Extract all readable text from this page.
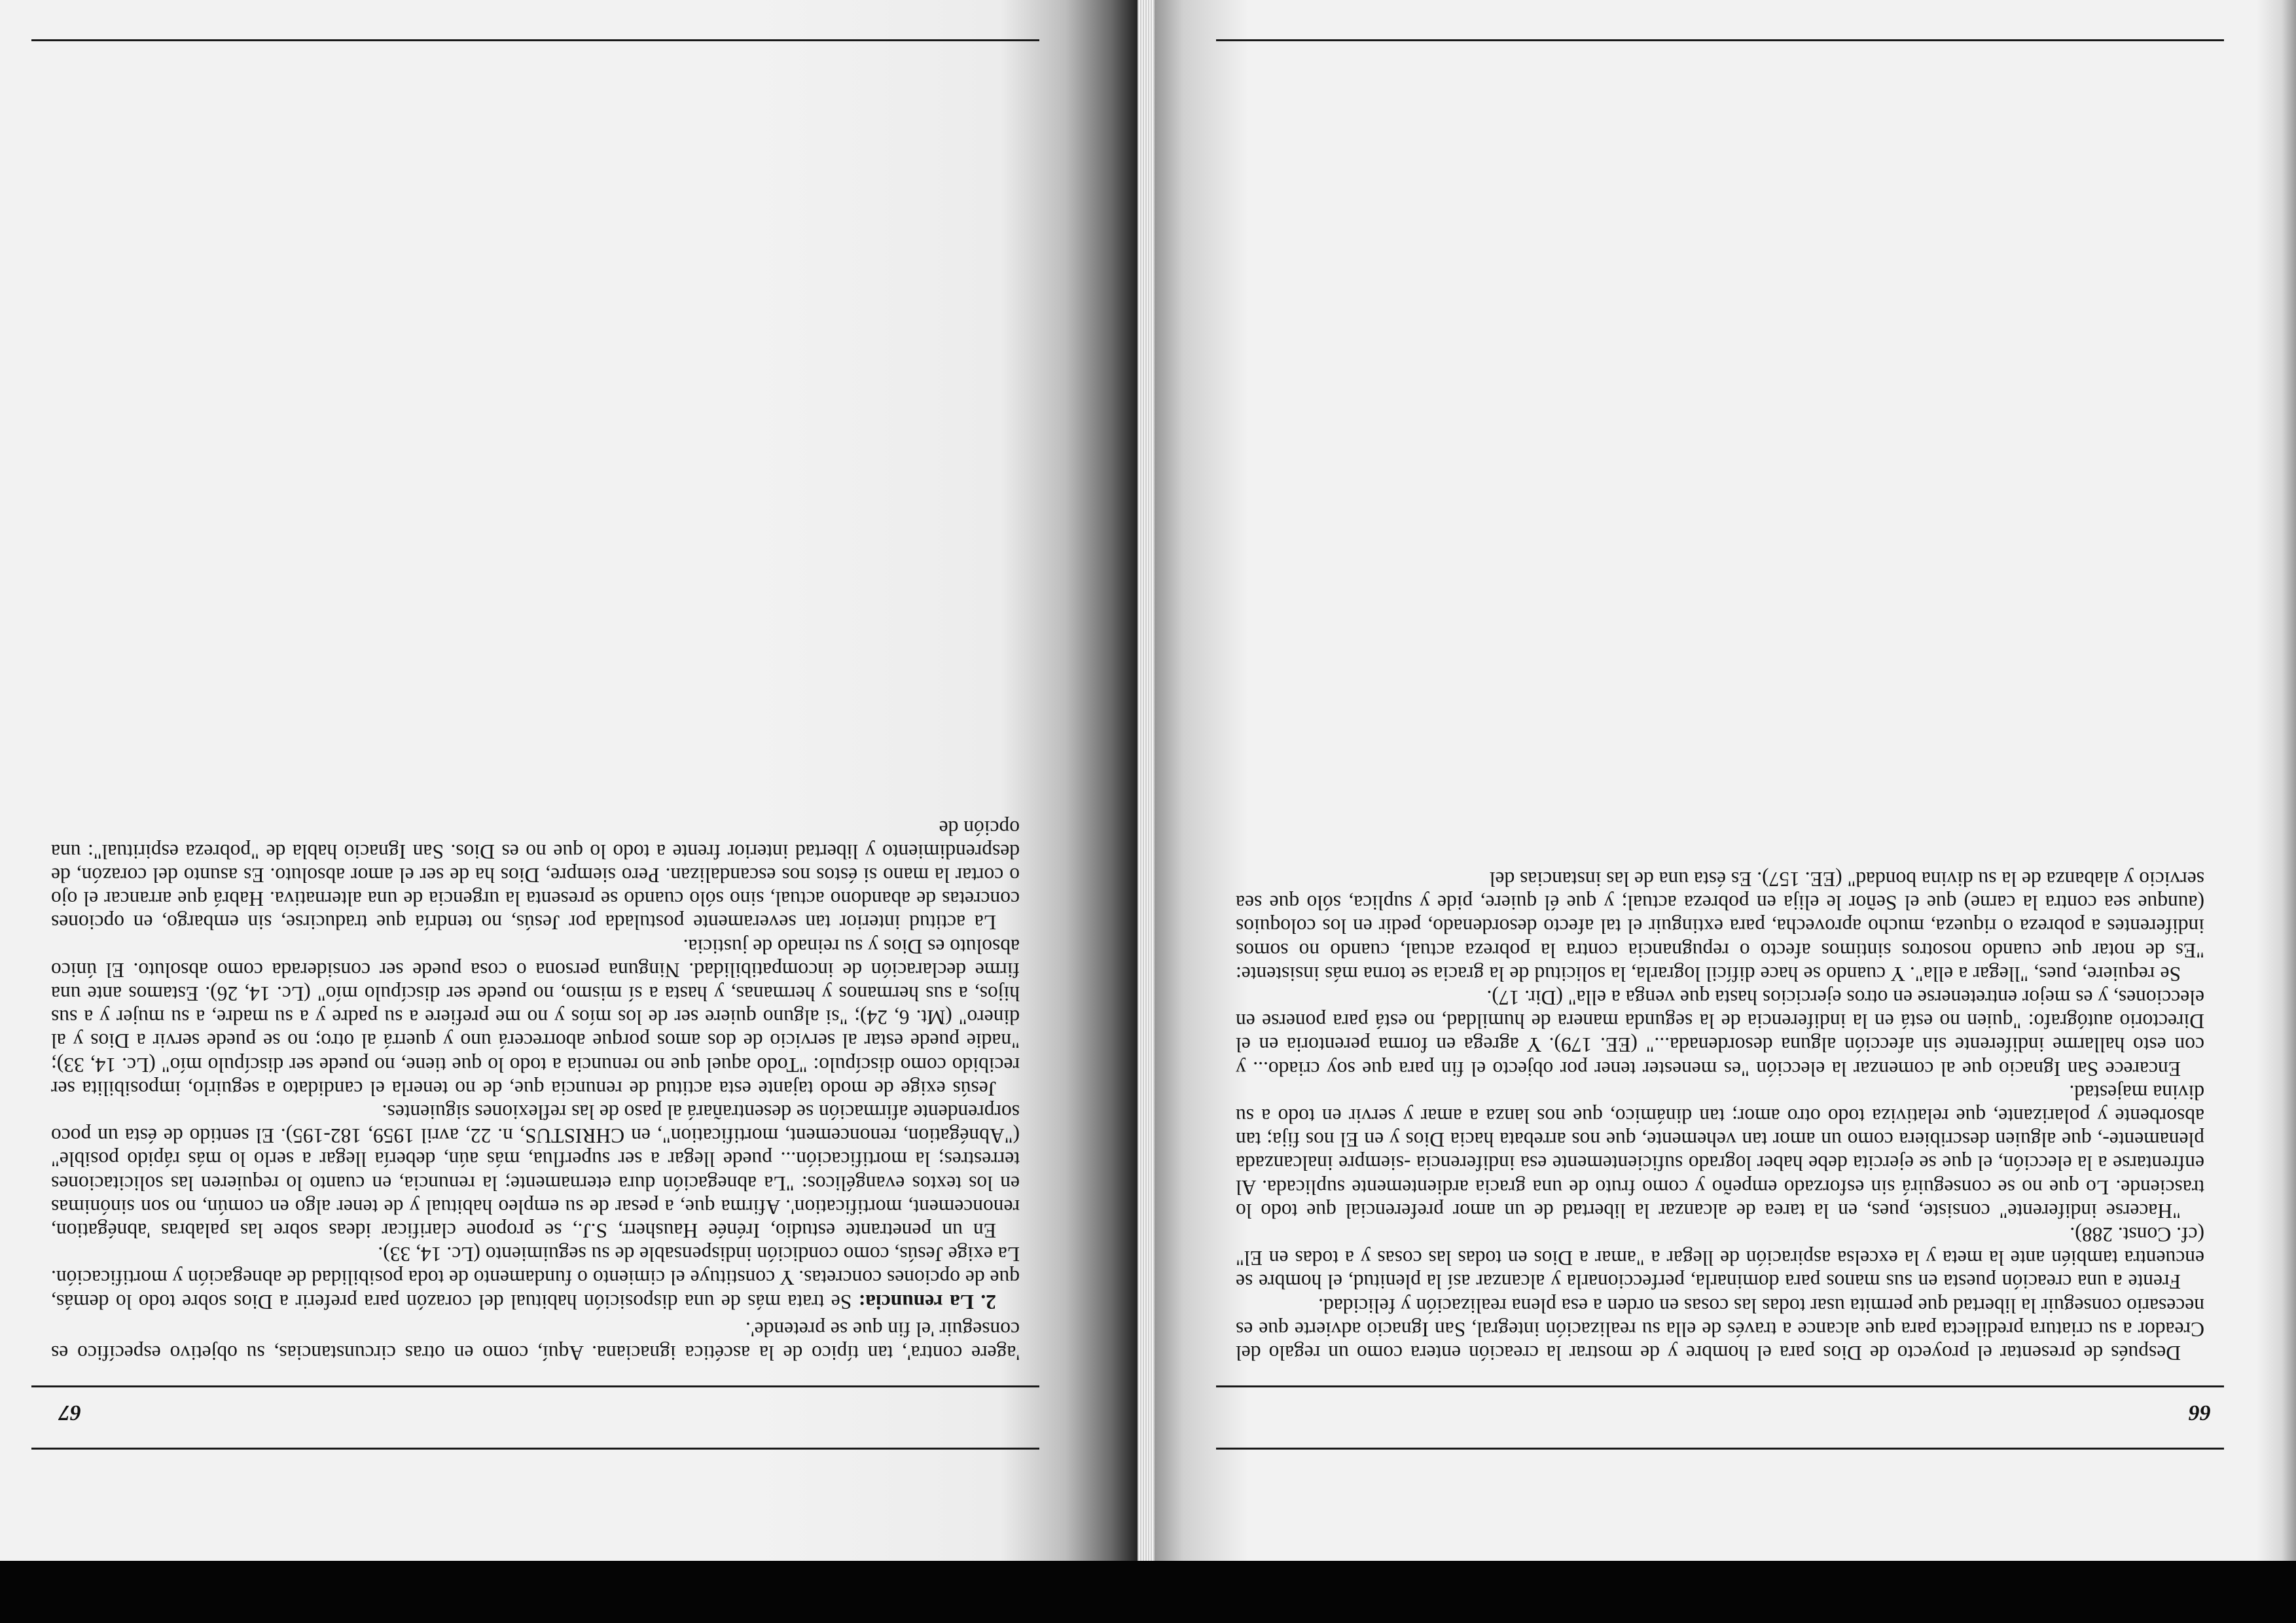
66

Después de presentar el proyecto de Dios para el hombre y de mostrar la creación entera como un regalo del Creador a su criatura predilecta para que alcance a través de ella su realización integral, San Ignacio advierte que es necesario conseguir la libertad que permita usar todas las cosas en orden a esa plena realización y felicidad.

Frente a una creación puesta en sus manos para dominarla, perfeccionarla y alcanzar así la plenitud, el hombre se encuentra también ante la meta y la excelsa aspiración de llegar a "amar a Dios en todas las cosas y a todas en El" (cf. Const. 288).

"Hacerse indiferente" consiste, pues, en la tarea de alcanzar la libertad de un amor preferencial que todo lo trasciende. Lo que no se conseguirá sin esforzado empeño y como fruto de una gracia ardientemente suplicada. Al enfrentarse a la elección, el que se ejercita debe haber logrado suficientemente esa indiferencia -siempre inalcanzada plenamente-, que alguien describiera como un amor tan vehemente, que nos arrebata hacia Dios y en El nos fija; tan absorbente y polarizante, que relativiza todo otro amor; tan dinámico, que nos lanza a amar y servir en todo a su divina majestad.

Encarece San Ignacio que al comenzar la elección "es menester tener por objecto el fin para que soy criado... y con esto hallarme indiferente sin afección alguna desordenada..." (EE. 179). Y agrega en forma perentoria en el Directorio autógrafo: "quien no está en la indiferencia de la segunda manera de humildad, no está para ponerse en elecciones, y es mejor entretenerse en otros ejercicios hasta que venga a ella" (Dir. 17).

Se requiere, pues, "llegar a ella". Y cuando se hace difícil lograrla, la solicitud de la gracia se torna más insistente: "Es de notar que cuando nosotros sintimos afecto o repugnancia contra la pobreza actual, cuando no somos indiferentes a pobreza o riqueza, mucho aprovecha, para extinguir el tal afecto desordenado, pedir en los coloquios (aunque sea contra la carne) que el Señor le elija en pobreza actual; y que él quiere, pide y suplica, sólo que sea servicio y alabanza de la su divina bondad" (EE. 157). Es ésta una de las instancias del

67

'agere contra', tan típico de la ascética ignaciana. Aquí, como en otras circunstancias, su objetivo específico es conseguir 'el fin que se pretende'.

2. La renuncia: Se trata más de una disposición habitual del corazón para preferir a Dios sobre todo lo demás, que de opciones concretas. Y constituye el cimiento o fundamento de toda posibilidad de abnegación y mortificación. La exige Jesús, como condición indispensable de su seguimiento (Lc. 14, 33).

En un penetrante estudio, Irénée Hausherr, S.J., se propone clarificar ideas sobre las palabras 'abnégation, renoncement, mortification'. Afirma que, a pesar de su empleo habitual y de tener algo en común, no son sinónimas en los textos evangélicos: "La abnegación dura eternamente; la renuncia, en cuanto lo requieren las solicitaciones terrestres; la mortificación... puede llegar a ser superflua, más aún, debería llegar a serlo lo más rápido posible" ("Abnégation, renoncement, mortification", en CHRISTUS, n. 22, avril 1959, 182-195). El sentido de ésta un poco sorprendente afirmación se desentrañará al paso de las reflexiones siguientes.

Jesús exige de modo tajante esta actitud de renuncia que, de no tenerla el candidato a seguirlo, imposibilita ser recibido como discípulo: "Todo aquel que no renuncia a todo lo que tiene, no puede ser discípulo mío" (Lc. 14, 33); "nadie puede estar al servicio de dos amos porque aborrecerá uno y querrá al otro; no se puede servir a Dios y al dinero" (Mt. 6, 24); "si alguno quiere ser de los míos y no me prefiere a su padre y a su madre, a su mujer y a sus hijos, a sus hermanos y hermanas, y hasta a sí mismo, no puede ser discípulo mío" (Lc. 14, 26). Estamos ante una firme declaración de incompatibilidad. Ninguna persona o cosa puede ser considerada como absoluto. El único absoluto es Dios y su reinado de justicia.

La actitud interior tan severamente postulada por Jesús, no tendría que traducirse, sin embargo, en opciones concretas de abandono actual, sino sólo cuando se presenta la urgencia de una alternativa. Habrá que arrancar el ojo o cortar la mano si éstos nos escandalizan. Pero siempre, Dios ha de ser el amor absoluto. Es asunto del corazón, de desprendimiento y libertad interior frente a todo lo que no es Dios. San Ignacio habla de "pobreza espiritual": una opción de
